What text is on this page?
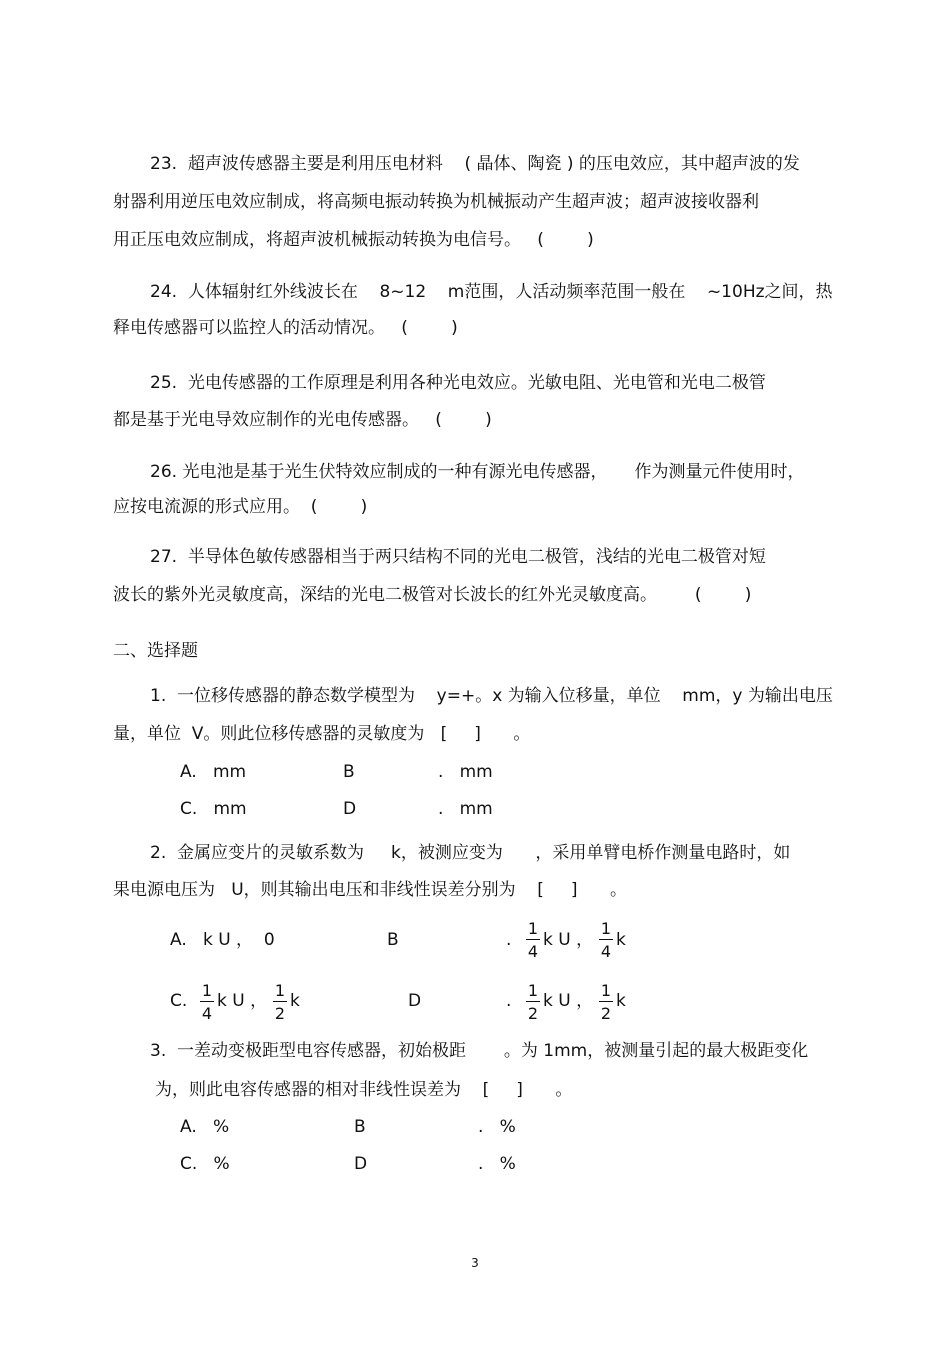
23.  超声波传感器主要是利用压电材料    ( 晶体、陶瓷 ) 的压电效应，其中超声波的发
射器利用逆压电效应制成，将高频电振动转换为机械振动产生超声波；超声波接收器利
用正压电效应制成，将超声波机械振动转换为电信号。   (        )
24.  人体辐射红外线波长在    8~12    m范围，人活动频率范围一般在    ~10Hz之间，热
释电传感器可以监控人的活动情况。   (        )
25.  光电传感器的工作原理是利用各种光电效应。光敏电阻、光电管和光电二极管
都是基于光电导效应制作的光电传感器。   (        )
26. 光电池是基于光生伏特效应制成的一种有源光电传感器，     作为测量元件使用时，
应按电流源的形式应用。  (        )
27.  半导体色敏传感器相当于两只结构不同的光电二极管，浅结的光电二极管对短
波长的紫外光灵敏度高，深结的光电二极管对长波长的红外光灵敏度高。       (        )
二、选择题
1.  一位移传感器的静态数学模型为    y=+。x 为输入位移量，单位    mm，y 为输出电压
量，单位  V。则此位移传感器的灵敏度为   [     ]      。
A.   mm	B	.   mm
C.   mm	D	.   mm
2.  金属应变片的灵敏系数为     k，被测应变为      ，采用单臂电桥作测量电路时，如
果电源电压为   U，则其输出电压和非线性误差分别为    [     ]      。
A.   k U ，  0	B	. $\frac{1}{4}$ k U ， $\frac{1}{4}$ k
C. $\frac{1}{4}$ k U ， $\frac{1}{2}$ k	D	. $\frac{1}{2}$ k U ， $\frac{1}{2}$ k
3.  一差动变极距型电容传感器，初始极距       。为 1mm，被测量引起的最大极距变化
为，则此电容传感器的相对非线性误差为    [     ]      。
A.   %	B	.   %
C.   %	D	.   %
3
